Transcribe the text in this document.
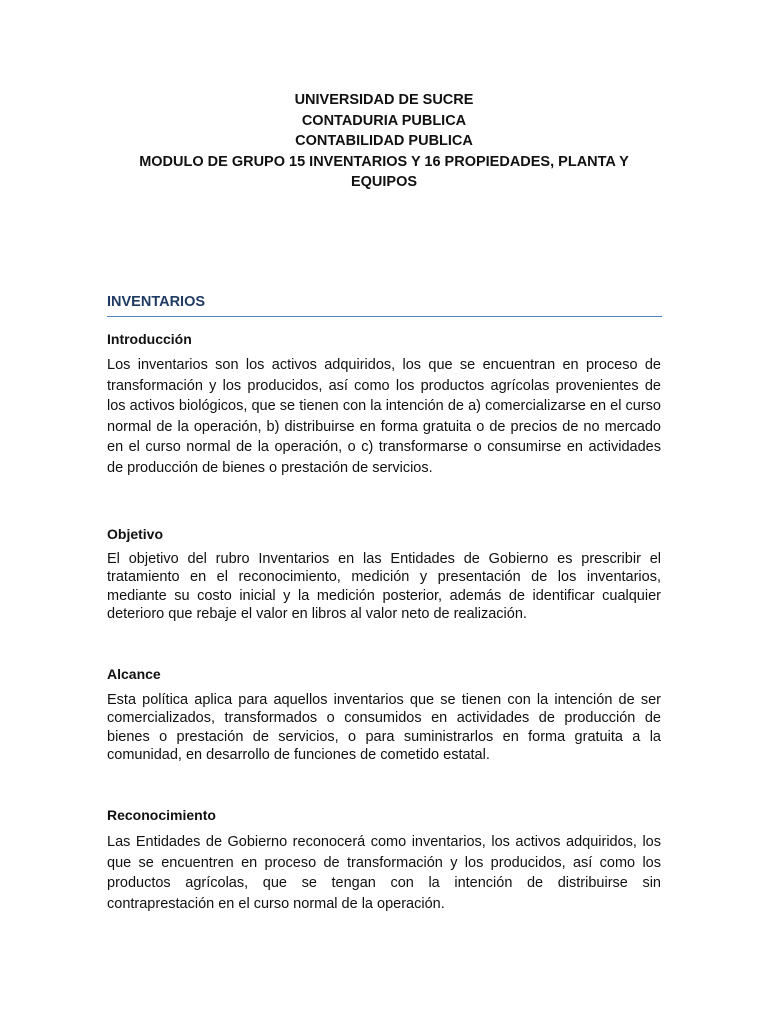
UNIVERSIDAD DE SUCRE
CONTADURIA PUBLICA
CONTABILIDAD PUBLICA
MODULO DE GRUPO 15 INVENTARIOS Y 16 PROPIEDADES, PLANTA Y
EQUIPOS
INVENTARIOS
Introducción
Los inventarios son los activos adquiridos, los que se encuentran en proceso de transformación y los producidos, así como los productos agrícolas provenientes de los activos biológicos, que se tienen con la intención de a) comercializarse en el curso normal de la operación, b) distribuirse en forma gratuita o de precios de no mercado en el curso normal de la operación, o c) transformarse o consumirse en actividades de producción de bienes o prestación de servicios.
Objetivo
El objetivo del rubro Inventarios en las Entidades de Gobierno es prescribir el tratamiento en el reconocimiento, medición y presentación de los inventarios, mediante su costo inicial y la medición posterior, además de identificar cualquier deterioro que rebaje el valor en libros al valor neto de realización.
Alcance
Esta política aplica para aquellos inventarios que se tienen con la intención de ser comercializados, transformados o consumidos en actividades de producción de bienes o prestación de servicios, o para suministrarlos en forma gratuita a la comunidad, en desarrollo de funciones de cometido estatal.
Reconocimiento
Las Entidades de Gobierno reconocerá como inventarios, los activos adquiridos, los que se encuentren en proceso de transformación y los producidos, así como los productos agrícolas, que se tengan con la intención de distribuirse sin contraprestación en el curso normal de la operación.
